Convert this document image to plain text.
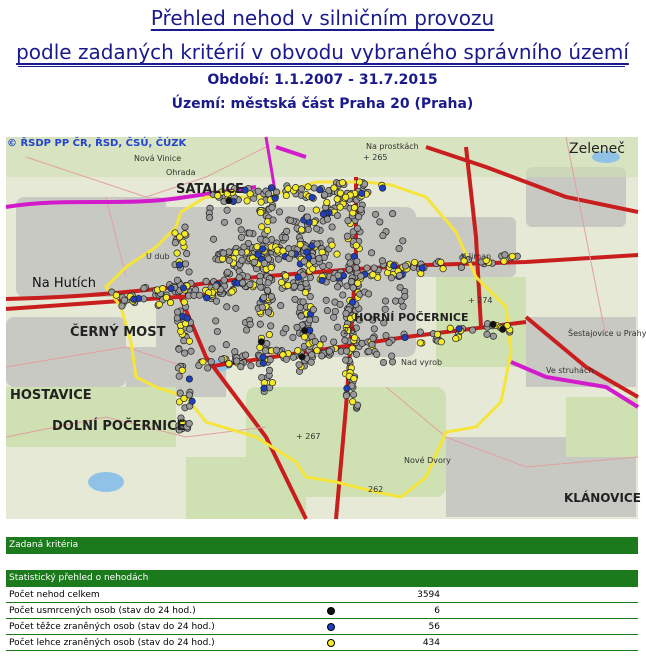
Přehled nehod v silničním provozu
podle zadaných kritérií v obvodu vybraného správního území
Období: 1.1.2007 - 31.7.2015
Území: městská část Praha 20 (Praha)
© ŘSDP PP ČR, ŘSD, ČSÚ, ČÚZK
SATALICE
Na Hutích
ČERNÝ MOST
HOSTAVICE
DOLNÍ POČERNICE
HORNÍ POČERNICE
Zeleneč
KLÁNOVICE
Nová Vinice
Ohrada
U dub	K Jiman
Na prostkách
Nad vyrob
Ve struhách
Nové Dvory
Šestajovice u Prahy
20
+ 274
+ 265
+ 267
262
Zadaná kritéria
Statistický přehled o nehodách
Počet nehod celkem	3594
Počet usmrcených osob (stav do 24 hod.)	6
Počet těžce zraněných osob (stav do 24 hod.)	56
Počet lehce zraněných osob (stav do 24 hod.)	434
